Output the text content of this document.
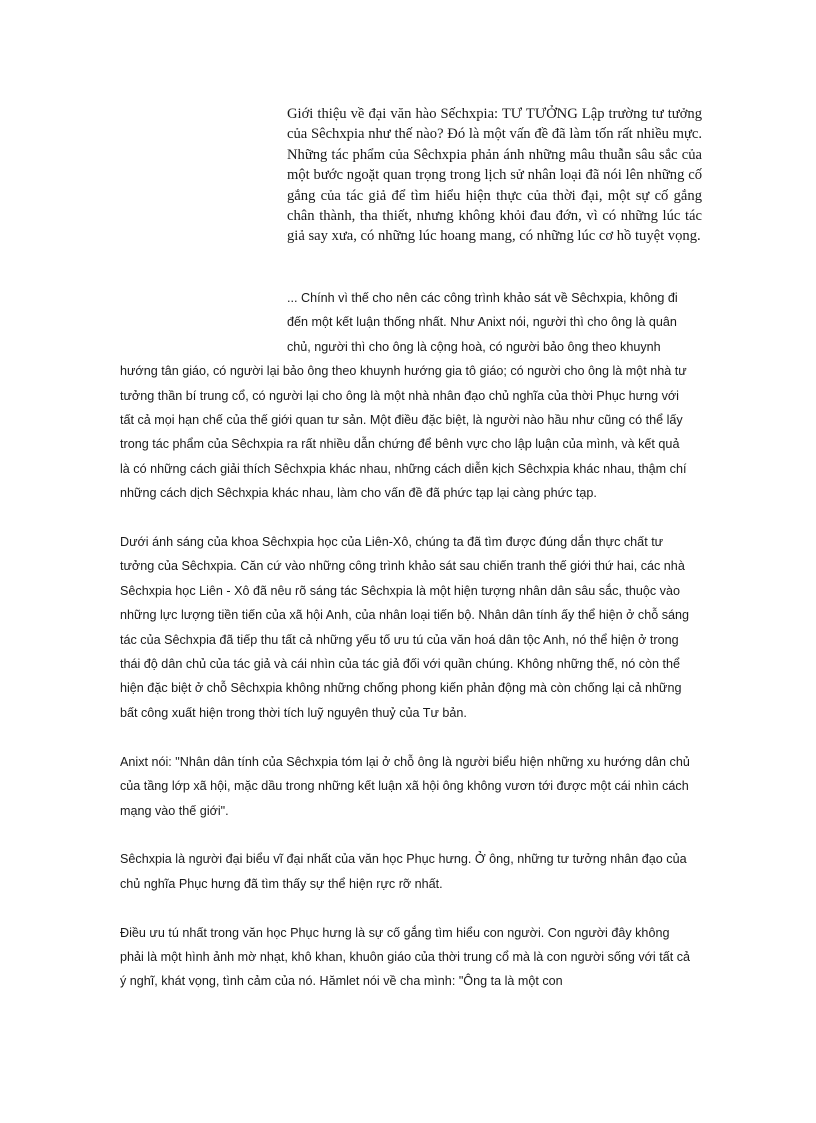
Giới thiệu về đại văn hào Sếchxpia: TƯ TƯỞNG Lập trường tư tưởng của Sêchxpia như thế nào? Đó là một vấn đề đã làm tốn rất nhiều mực. Những tác phẩm của Sêchxpia phản ánh những mâu thuẫn sâu sắc của một bước ngoặt quan trọng trong lịch sử nhân loại đã nói lên những cố gắng của tác giả để tìm hiểu hiện thực của thời đại, một sự cố gắng chân thành, tha thiết, nhưng không khỏi đau đớn, vì có những lúc tác giả say xưa, có những lúc hoang mang, có những lúc cơ hồ tuyệt vọng.

... Chính vì thế cho nên các công trình khảo sát về Sêchxpia, không đi đến một kết luận thống nhất. Như Anixt nói, người thì cho ông là quân chủ, người thì cho ông là cộng hoà, có người bảo ông theo khuynh hướng tân giáo, có người lại bảo ông theo khuynh hướng gia tô giáo; có người cho ông là một nhà tư tưởng thần bí trung cổ, có người lại cho ông là một nhà nhân đạo chủ nghĩa của thời Phục hưng với tất cả mọi hạn chế của thế giới quan tư sản. Một điều đặc biệt, là người nào hầu như cũng có thể lấy trong tác phẩm của Sêchxpia ra rất nhiều dẫn chứng để bênh vực cho lập luận của mình, và kết quả là có những cách giải thích Sêchxpia khác nhau, những cách diễn kịch Sêchxpia khác nhau, thậm chí những cách dịch Sêchxpia khác nhau, làm cho vấn đề đã phức tạp lại càng phức tạp.

Dưới ánh sáng của khoa Sêchxpia học của Liên-Xô, chúng ta đã tìm được đúng dắn thực chất tư tưởng của Sêchxpia. Căn cứ vào những công trình khảo sát sau chiến tranh thế giới thứ hai, các nhà Sêchxpia học Liên - Xô đã nêu rõ sáng tác Sêchxpia là một hiện tượng nhân dân sâu sắc, thuộc vào những lực lượng tiền tiến của xã hội Anh, của nhân loại tiến bộ. Nhân dân tính ấy thể hiện ở chỗ sáng tác của Sêchxpia đã tiếp thu tất cả những yếu tố ưu tú của văn hoá dân tộc Anh, nó thể hiện ở trong thái độ dân chủ của tác giả và cái nhìn của tác giả đối với quần chúng. Không những thế, nó còn thể hiện đặc biệt ở chỗ Sêchxpia không những chống phong kiến phản động mà còn chống lại cả những bất công xuất hiện trong thời tích luỹ nguyên thuỷ của Tư bản.

Anixt nói: "Nhân dân tính của Sêchxpia tóm lại ở chỗ ông là người biểu hiện những xu hướng dân chủ của tầng lớp xã hội, mặc dầu trong những kết luận xã hội ông không vươn tới được một cái nhìn cách mạng vào thế giới".

Sêchxpia là người đại biểu vĩ đại nhất của văn học Phục hưng. Ở ông, những tư tưởng nhân đạo của chủ nghĩa Phục hưng đã tìm thấy sự thể hiện rực rỡ nhất.

Điều ưu tú nhất trong văn học Phục hưng là sự cố gắng tìm hiểu con người. Con người đây không phải là một hình ảnh mờ nhạt, khô khan, khuôn giáo của thời trung cổ mà là con người sống với tất cả ý nghĩ, khát vọng, tình cảm của nó. Hămlet nói về cha mình: "Ông ta là một con
